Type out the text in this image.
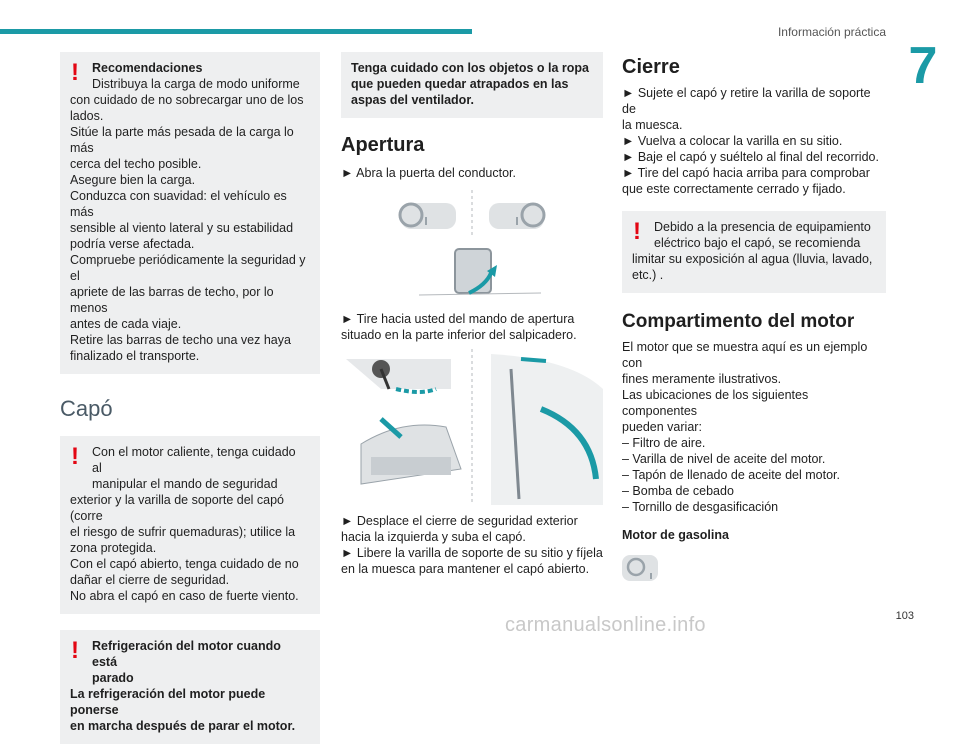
Información práctica
7
!	Recomendaciones
Distribuya la carga de modo uniforme
con cuidado de no sobrecargar uno de los
lados.
Sitúe la parte más pesada de la carga lo más
cerca del techo posible.
Asegure bien la carga.
Conduzca con suavidad: el vehículo es más
sensible al viento lateral y su estabilidad
podría verse afectada.
Compruebe periódicamente la seguridad y el
apriete de las barras de techo, por lo menos
antes de cada viaje.
Retire las barras de techo una vez haya
finalizado el transporte.
Capó
!	Con el motor caliente, tenga cuidado al
manipular el mando de seguridad
exterior y la varilla de soporte del capó (corre
el riesgo de sufrir quemaduras); utilice la
zona protegida.
Con el capó abierto, tenga cuidado de no
dañar el cierre de seguridad.
No abra el capó en caso de fuerte viento.
!	Refrigeración del motor cuando está
parado
La refrigeración del motor puede ponerse
en marcha después de parar el motor.
Tenga cuidado con los objetos o la ropa
que pueden quedar atrapados en las
aspas del ventilador.
Apertura

► Abra la puerta del conductor.

► Tire hacia usted del mando de apertura

situado en la parte inferior del salpicadero.

► Desplace el cierre de seguridad exterior

hacia la izquierda y suba el capó.

► Libere la varilla de soporte de su sitio y fíjela

en la muesca para mantener el capó abierto.

Cierre

► Sujete el capó y retire la varilla de soporte de

la muesca.

► Vuelva a colocar la varilla en su sitio.

► Baje el capó y suéltelo al final del recorrido.

► Tire del capó hacia arriba para comprobar

que este correctamente cerrado y fijado.

!	Debido a la presencia de equipamiento
eléctrico bajo el capó, se recomienda
limitar su exposición al agua (lluvia, lavado,
etc.) .
Compartimento del motor

El motor que se muestra aquí es un ejemplo con

fines meramente ilustrativos.

Las ubicaciones de los siguientes componentes

pueden variar:

– Filtro de aire.

– Varilla de nivel de aceite del motor.

– Tapón de llenado de aceite del motor.

– Bomba de cebado

– Tornillo de desgasificación

Motor de gasolina

carmanualsonline.info	103
